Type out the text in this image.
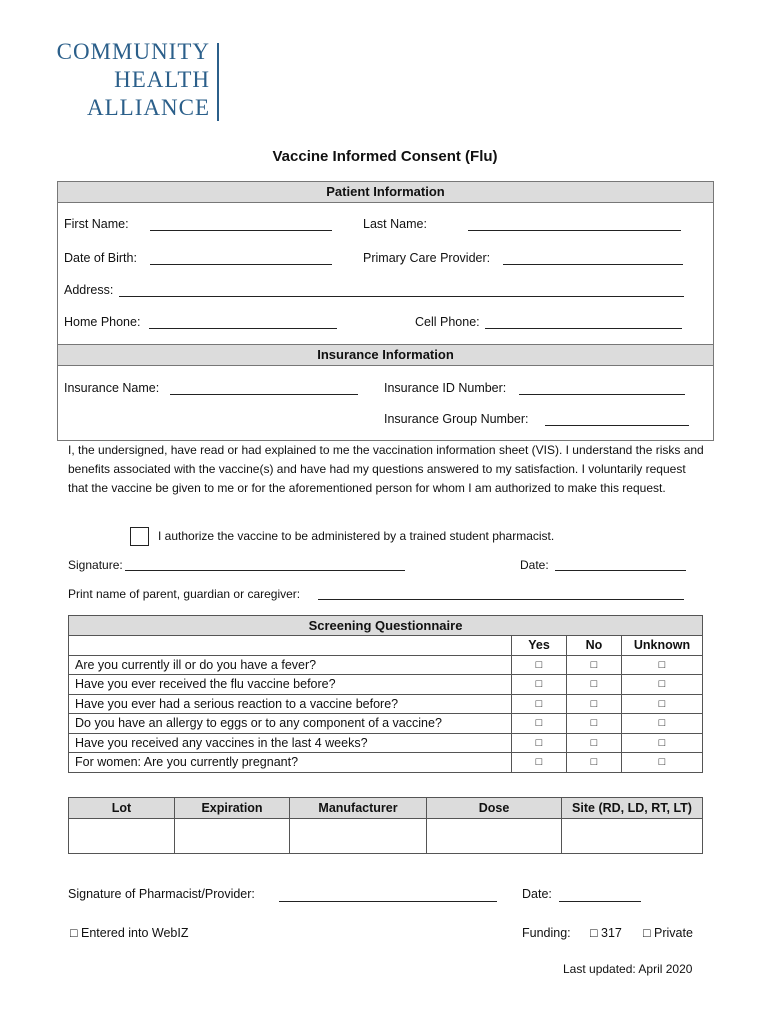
COMMUNITY
HEALTH
ALLIANCE
Vaccine Informed Consent (Flu)
Patient Information
First Name:	Last Name:
Date of Birth:	Primary Care Provider:
Address:
Home Phone:	Cell Phone:
Insurance Information
Insurance Name:	Insurance ID Number:
Insurance Group Number:
I, the undersigned, have read or had explained to me the vaccination information sheet (VIS). I understand the risks and benefits associated with the vaccine(s) and have had my questions answered to my satisfaction. I voluntarily request that the vaccine be given to me or for the aforementioned person for whom I am authorized to make this request.
I authorize the vaccine to be administered by a trained student pharmacist.
Signature:	Date:
Print name of parent, guardian or caregiver:
Screening Questionnaire			
	Yes	No	Unknown
Are you currently ill or do you have a fever?	□	□	□
Have you ever received the flu vaccine before?	□	□	□
Have you ever had a serious reaction to a vaccine before?	□	□	□
Do you have an allergy to eggs or to any component of a vaccine?	□	□	□
Have you received any vaccines in the last 4 weeks?	□	□	□
For women: Are you currently pregnant?	□	□	□
Lot	Expiration	Manufacturer	Dose	Site (RD, LD, RT, LT)

Signature of Pharmacist/Provider:	Date:
□ Entered into WebIZ	Funding: □ 317 □ Private
Last updated: April 2020
